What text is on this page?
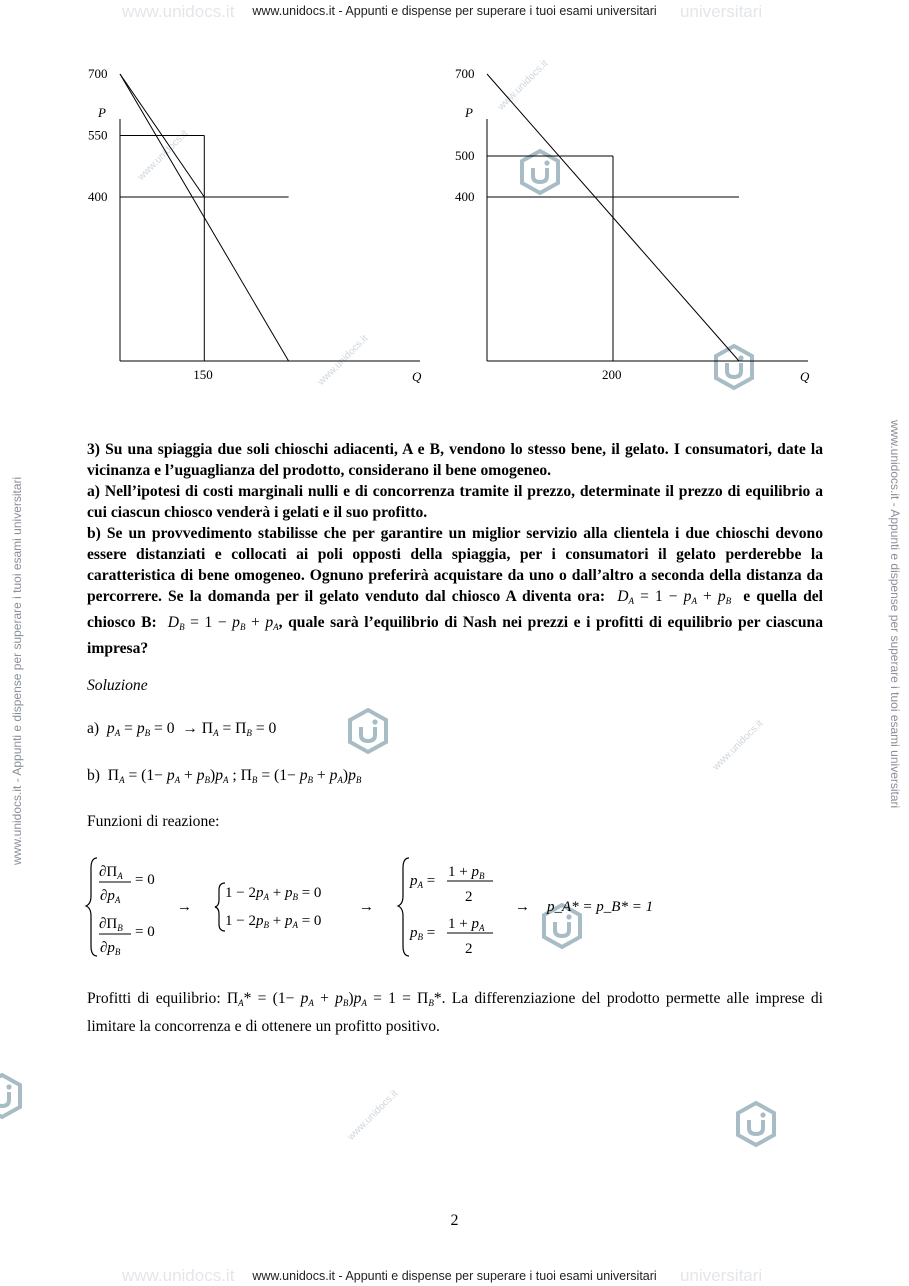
www.unidocs.it	universitari
www.unidocs.it - Appunti e dispense per superare i tuoi esami universitari
www.unidocs.it	universitari
www.unidocs.it - Appunti e dispense per superare i tuoi esami universitari
www.unidocs.it - Appunti e dispense per superare i tuoi esami universitari	www.unidocs.it - Appunti e dispense per superare i tuoi esami universitari
www.unidocs.it
www.unidocs.it
www.unidocs.it
www.unidocs.it
www.unidocs.it
P
Q
700
550
400
150
P
Q
700
500
400
200

3) Su una spiaggia due soli chioschi adiacenti, A e B, vendono lo stesso bene, il gelato. I consumatori, date la vicinanza e l’uguaglianza del prodotto, considerano il bene omogeneo.

a) Nell’ipotesi di costi marginali nulli e di concorrenza tramite il prezzo, determinate il prezzo di equilibrio a cui ciascun chiosco venderà i gelati e il suo profitto.

b) Se un provvedimento stabilisse che per garantire un miglior servizio alla clientela i due chioschi devono essere distanziati e collocati ai poli opposti della spiaggia, per i consumatori il gelato perderebbe la caratteristica di bene omogeneo. Ognuno preferirà acquistare da uno o dall’altro a seconda della distanza da percorrere. Se la domanda per il gelato venduto dal chiosco A diventa ora: $D_A = 1 - p_A + p_B$ e quella del chiosco B: $D_B = 1 - p_B + p_A$, quale sarà l’equilibrio di Nash nei prezzi e i profitti di equilibrio per ciascuna impresa?

Soluzione
a) $p_A = p_B = 0 \to \Pi_A = \Pi_B = 0$
b)  $\Pi_A = (1- p_A + p_B)p_A$ ; $\Pi_B = (1- p_B + p_A)p_B$
Funzioni di reazione:
$\partial\Pi_A$
$\partial p_A$
= 0
$\partial\Pi_B$
$\partial p_B$
= 0
→
$1 - 2p_A + p_B = 0$
$1 - 2p_B + p_A = 0$
→
$p_A$ =
$1 + p_B$
2
$p_B$ =
$1 + p_A$
2
→ p_A* = p_B* = 1
Profitti di equilibrio: $\Pi_A* = (1- p_A + p_B)p_A = 1 = \Pi_B*$. La differenziazione del prodotto permette alle imprese di limitare la concorrenza e di ottenere un profitto positivo.
2
